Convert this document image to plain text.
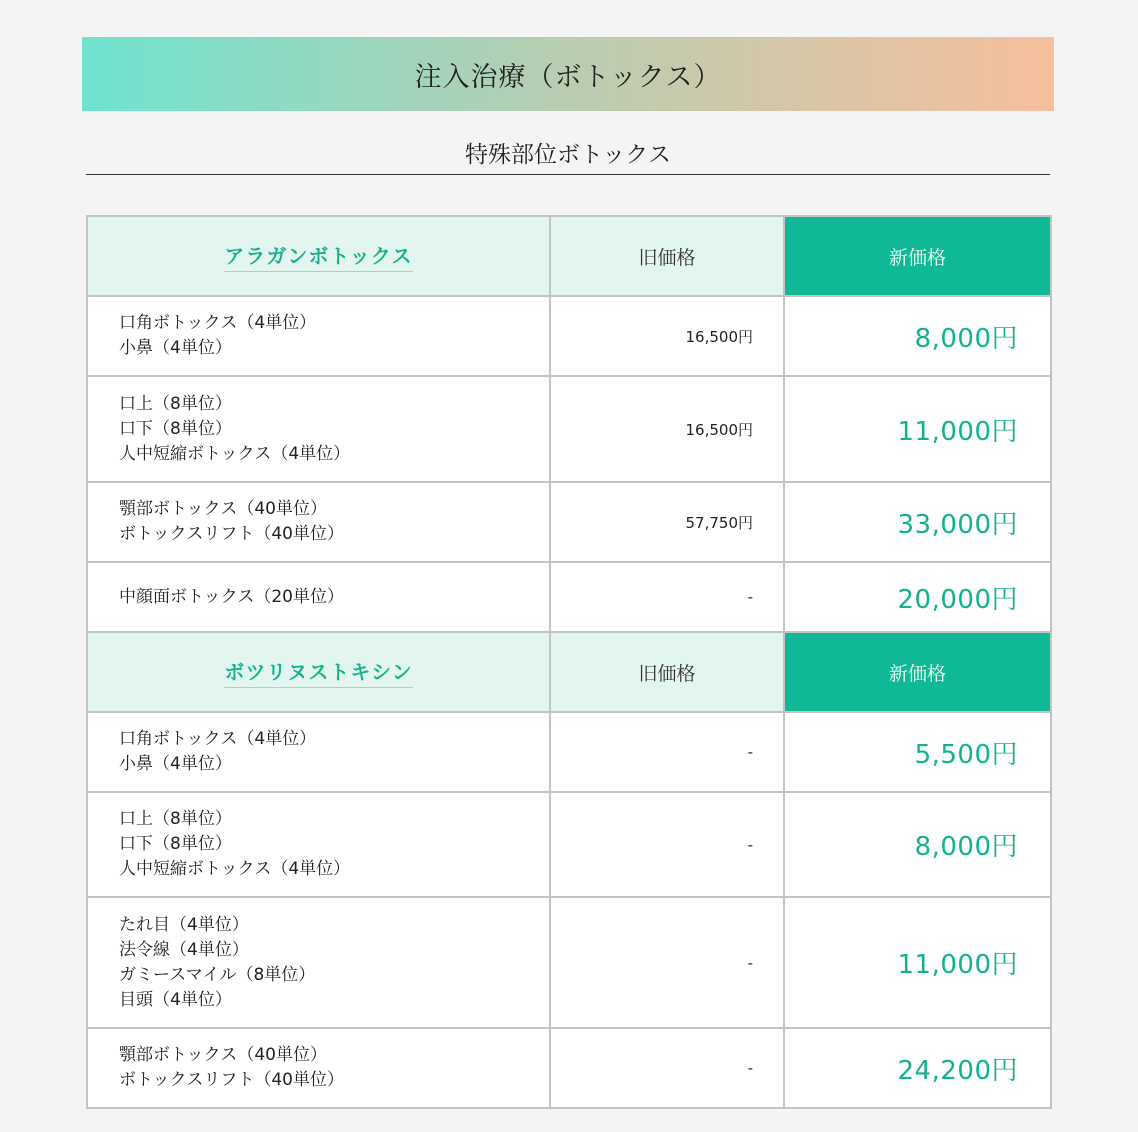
注入治療（ボトックス）
特殊部位ボトックス
アラガンボトックス	旧価格	新価格

口角ボトックス（4単位）
小鼻（4単位）	16,500円	8,000円

口上（8単位）
口下（8単位）
人中短縮ボトックス（4単位）	16,500円	11,000円

顎部ボトックス（40単位）
ボトックスリフト（40単位）	57,750円	33,000円

中顔面ボトックス（20単位）	-	20,000円
ボツリヌストキシン	旧価格	新価格

口角ボトックス（4単位）
小鼻（4単位）	-	5,500円

口上（8単位）
口下（8単位）
人中短縮ボトックス（4単位）	-	8,000円

たれ目（4単位）
法令線（4単位）
ガミースマイル（8単位）
目頭（4単位）	-	11,000円

顎部ボトックス（40単位）
ボトックスリフト（40単位）	-	24,200円
